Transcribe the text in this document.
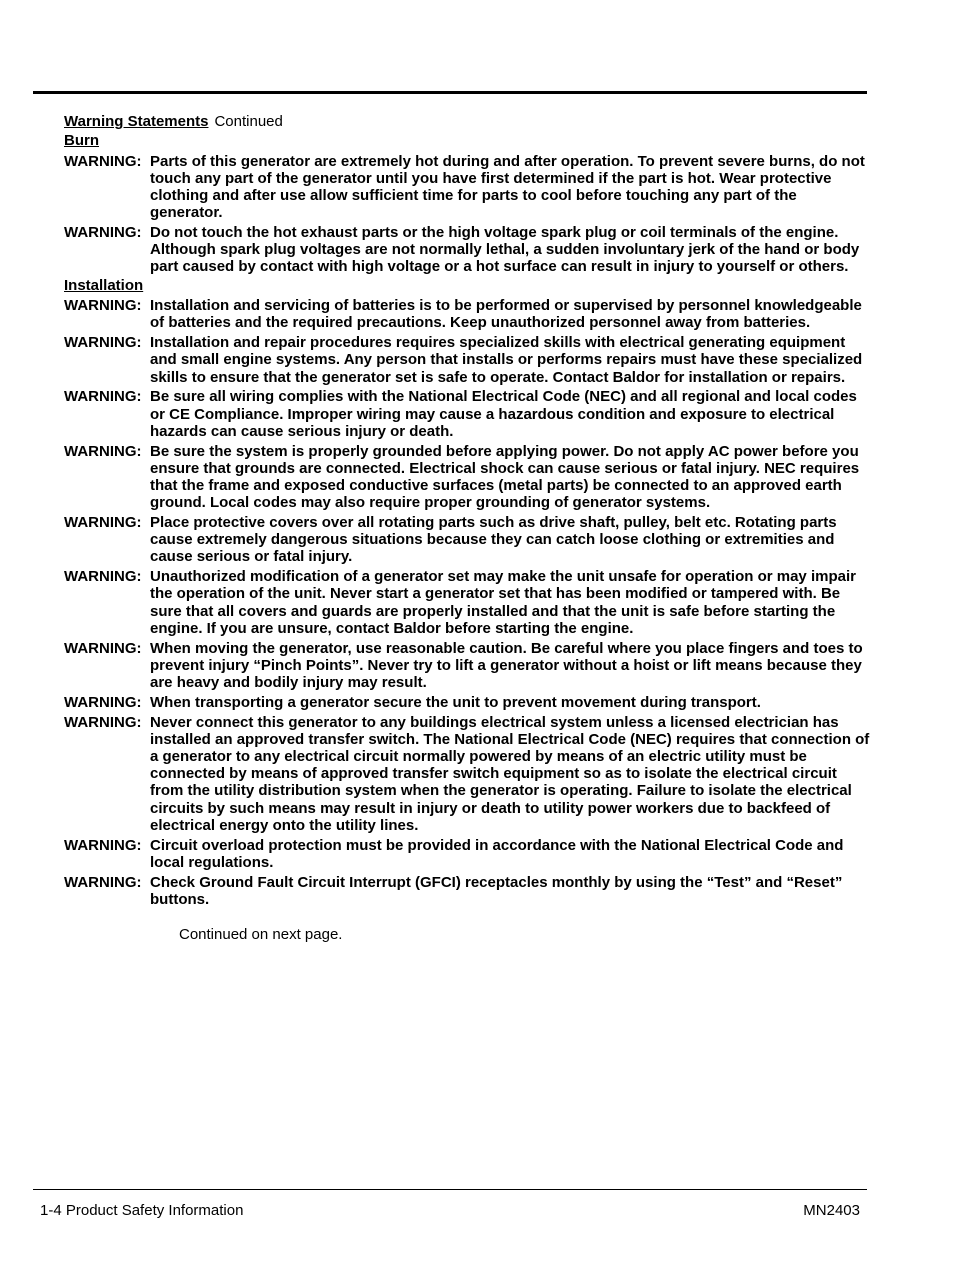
Warning Statements Continued
Burn
WARNING: Parts of this generator are extremely hot during and after operation. To prevent severe burns, do not touch any part of the generator until you have first determined if the part is hot. Wear protective clothing and after use allow sufficient time for parts to cool before touching any part of the generator.
WARNING: Do not touch the hot exhaust parts or the high voltage spark plug or coil terminals of the engine. Although spark plug voltages are not normally lethal, a sudden involuntary jerk of the hand or body part caused by contact with high voltage or a hot surface can result in injury to yourself or others.
Installation
WARNING: Installation and servicing of batteries is to be performed or supervised by personnel knowledgeable of batteries and the required precautions. Keep unauthorized personnel away from batteries.
WARNING: Installation and repair procedures requires specialized skills with electrical generating equipment and small engine systems. Any person that installs or performs repairs must have these specialized skills to ensure that the generator set is safe to operate. Contact Baldor for installation or repairs.
WARNING: Be sure all wiring complies with the National Electrical Code (NEC) and all regional and local codes or CE Compliance. Improper wiring may cause a hazardous condition and exposure to electrical hazards can cause serious injury or death.
WARNING: Be sure the system is properly grounded before applying power. Do not apply AC power before you ensure that grounds are connected. Electrical shock can cause serious or fatal injury. NEC requires that the frame and exposed conductive surfaces (metal parts) be connected to an approved earth ground. Local codes may also require proper grounding of generator systems.
WARNING: Place protective covers over all rotating parts such as drive shaft, pulley, belt etc. Rotating parts cause extremely dangerous situations because they can catch loose clothing or extremities and cause serious or fatal injury.
WARNING: Unauthorized modification of a generator set may make the unit unsafe for operation or may impair the operation of the unit. Never start a generator set that has been modified or tampered with. Be sure that all covers and guards are properly installed and that the unit is safe before starting the engine. If you are unsure, contact Baldor before starting the engine.
WARNING: When moving the generator, use reasonable caution. Be careful where you place fingers and toes to prevent injury “Pinch Points”. Never try to lift a generator without a hoist or lift means because they are heavy and bodily injury may result.
WARNING: When transporting a generator secure the unit to prevent movement during transport.
WARNING: Never connect this generator to any buildings electrical system unless a licensed electrician has installed an approved transfer switch. The National Electrical Code (NEC) requires that connection of a generator to any electrical circuit normally powered by means of an electric utility must be connected by means of approved transfer switch equipment so as to isolate the electrical circuit from the utility distribution system when the generator is operating. Failure to isolate the electrical circuits by such means may result in injury or death to utility power workers due to backfeed of electrical energy onto the utility lines.
WARNING: Circuit overload protection must be provided in accordance with the National Electrical Code and local regulations.
WARNING: Check Ground Fault Circuit Interrupt (GFCI) receptacles monthly by using the “Test” and “Reset” buttons.
Continued on next page.
1-4 Product Safety Information	MN2403
